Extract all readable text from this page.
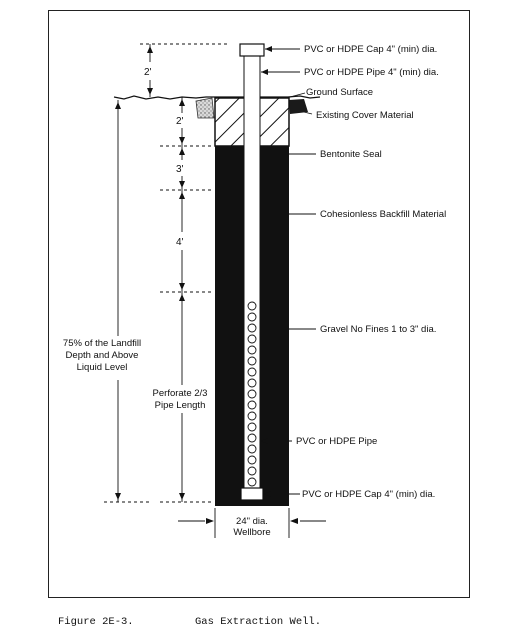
PVC or HDPE Cap 4" (min) dia.
PVC or HDPE Pipe 4" (min) dia.
Ground Surface
Existing Cover Material
Bentonite Seal
Cohesionless Backfill Material
Gravel No Fines 1 to 3" dia.
PVC or HDPE Pipe
PVC or HDPE Cap 4" (min) dia.
2'
2'
3'
4'
75% of the Landfill
Depth and Above
Liquid Level
Perforate 2/3
Pipe Length
24" dia.
Wellbore
Figure 2E-3.	Gas Extraction Well.
